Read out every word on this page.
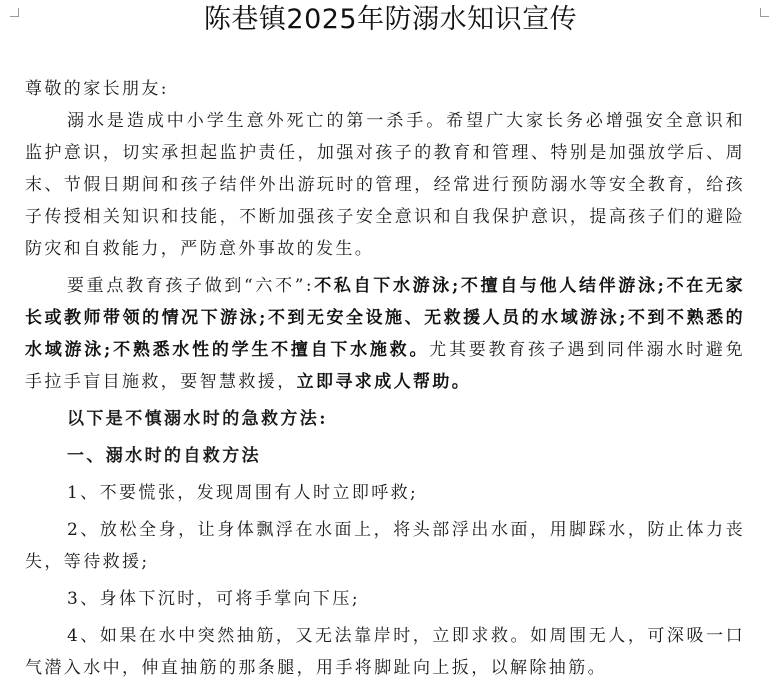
陈巷镇2025年防溺水知识宣传

尊敬的家长朋友:

溺水是造成中小学生意外死亡的第一杀手。希望广大家长务必增强安全意识和监护意识，切实承担起监护责任，加强对孩子的教育和管理、特别是加强放学后、周末、节假日期间和孩子结伴外出游玩时的管理，经常进行预防溺水等安全教育，给孩子传授相关知识和技能，不断加强孩子安全意识和自我保护意识，提高孩子们的避险防灾和自救能力，严防意外事故的发生。

要重点教育孩子做到“六不”:不私自下水游泳;不擅自与他人结伴游泳;不在无家长或教师带领的情况下游泳;不到无安全设施、无救援人员的水域游泳;不到不熟悉的水域游泳;不熟悉水性的学生不擅自下水施救。尤其要教育孩子遇到同伴溺水时避免手拉手盲目施救，要智慧救援，立即寻求成人帮助。

以下是不慎溺水时的急救方法:

一、溺水时的自救方法

1、不要慌张，发现周围有人时立即呼救;

2、放松全身，让身体飘浮在水面上，将头部浮出水面，用脚踩水，防止体力丧失，等待救援;

3、身体下沉时，可将手掌向下压;

4、如果在水中突然抽筋，又无法靠岸时，立即求救。如周围无人，可深吸一口气潜入水中，伸直抽筋的那条腿，用手将脚趾向上扳，以解除抽筋。
